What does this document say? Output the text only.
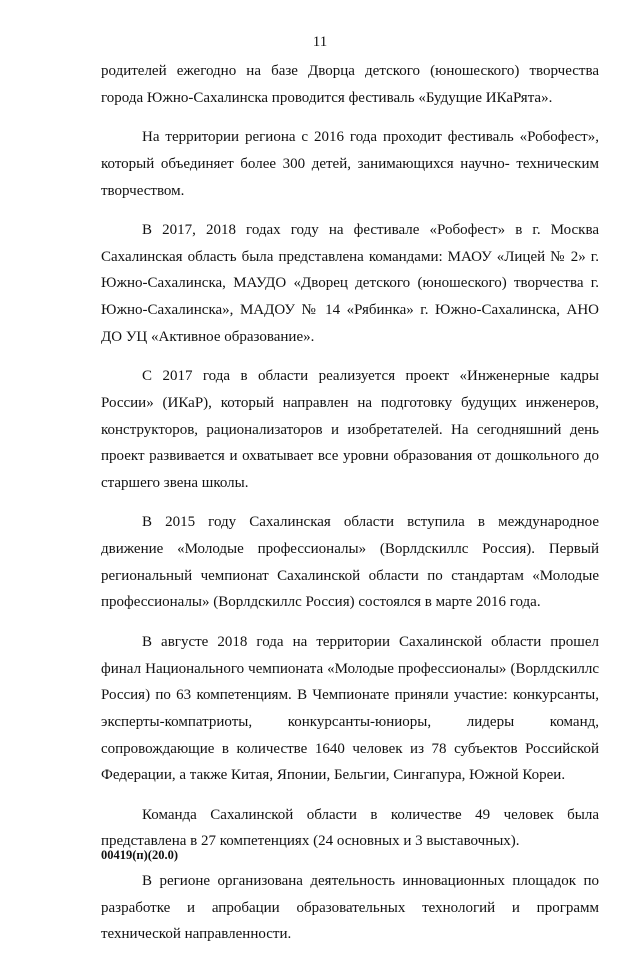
11

родителей ежегодно на базе Дворца детского (юношеского) творчества города Южно-Сахалинска проводится фестиваль «Будущие ИКаРята».

На территории региона с 2016 года проходит фестиваль «Робофест», который объединяет более 300 детей, занимающихся научно- техническим творчеством.

В 2017, 2018 годах году на фестивале «Робофест» в г. Москва Сахалинская область была представлена командами: МАОУ «Лицей № 2» г. Южно-Сахалинска, МАУДО «Дворец детского (юношеского) творчества г. Южно-Сахалинска», МАДОУ № 14 «Рябинка» г. Южно-Сахалинска, АНО ДО УЦ «Активное образование».

С 2017 года в области реализуется проект «Инженерные кадры России» (ИКаР), который направлен на подготовку будущих инженеров, конструкторов, рационализаторов и изобретателей. На сегодняшний день проект развивается и охватывает все уровни образования от дошкольного до старшего звена школы.

В 2015 году Сахалинская области вступила в международное движение «Молодые профессионалы» (Ворлдскиллс Россия). Первый региональный чемпионат Сахалинской области по стандартам «Молодые профессионалы» (Ворлдскиллс Россия) состоялся в марте 2016 года.

В августе 2018 года на территории Сахалинской области прошел финал Национального чемпионата «Молодые профессионалы» (Ворлдскиллс Россия) по 63 компетенциям. В Чемпионате приняли участие: конкурсанты, эксперты-компатриоты, конкурсанты-юниоры, лидеры команд, сопровождающие в количестве 1640 человек из 78 субъектов Российской Федерации, а также Китая, Японии, Бельгии, Сингапура, Южной Кореи.

Команда Сахалинской области в количестве 49 человек была представлена в 27 компетенциях (24 основных и 3 выставочных).

В регионе организована деятельность инновационных площадок по разработке и апробации образовательных технологий и программ технической направленности.

00419(п)(20.0)
